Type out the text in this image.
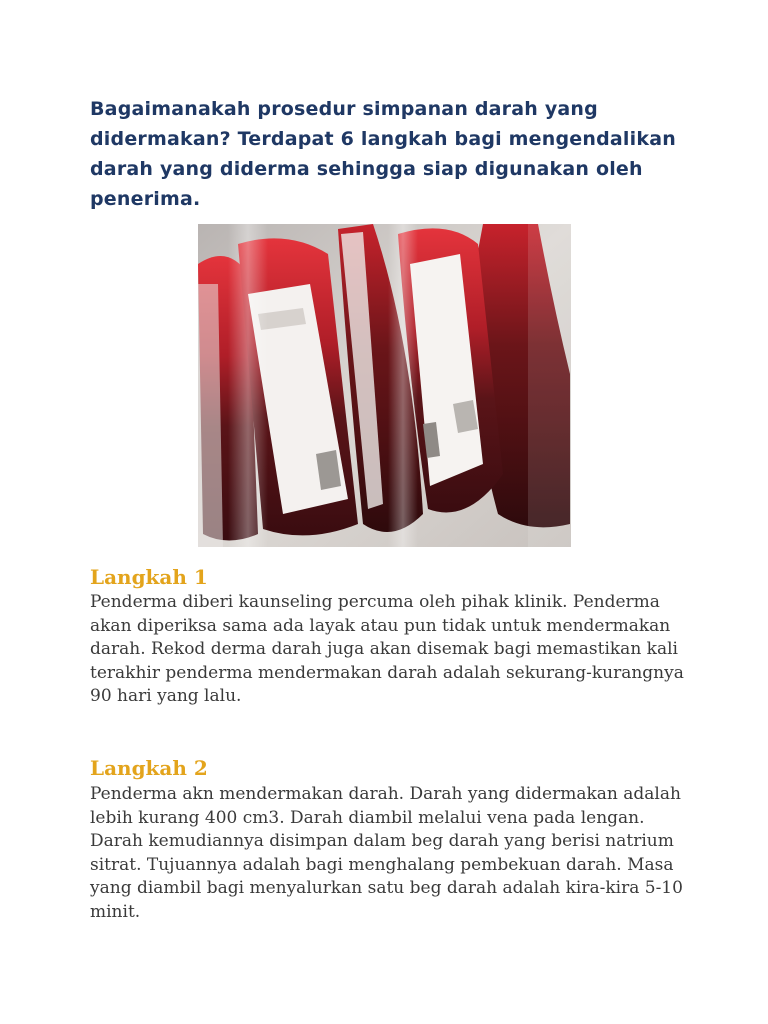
Bagaimanakah prosedur simpanan darah yang didermakan? Terdapat 6 langkah bagi mengendalikan darah yang diderma sehingga siap digunakan oleh penerima.

Langkah 1

Penderma diberi kaunseling percuma oleh pihak klinik. Penderma akan diperiksa sama ada layak atau pun tidak untuk mendermakan darah. Rekod derma darah juga akan disemak bagi memastikan kali terakhir penderma mendermakan darah adalah sekurang-kurangnya 90 hari yang lalu.

Langkah 2

Penderma akn mendermakan darah. Darah yang didermakan adalah lebih kurang 400 cm3. Darah diambil melalui vena pada lengan. Darah kemudiannya disimpan dalam beg darah yang berisi natrium sitrat. Tujuannya adalah bagi menghalang pembekuan darah. Masa yang diambil bagi menyalurkan satu beg darah adalah kira-kira 5-10 minit.
